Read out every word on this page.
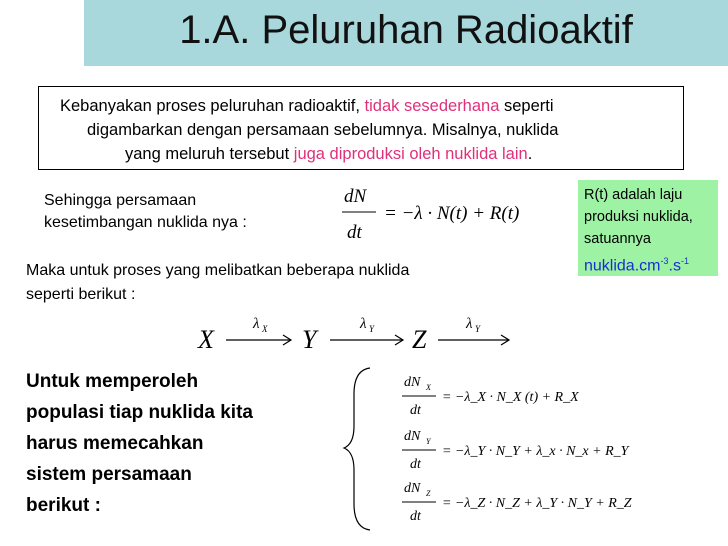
1.A. Peluruhan Radioaktif
Kebanyakan proses peluruhan radioaktif, tidak sesederhana seperti
digambarkan dengan persamaan sebelumnya. Misalnya, nuklida
yang meluruh tersebut juga diproduksi oleh nuklida lain.
Sehingga persamaan
kesetimbangan nuklida nya :
dN
dt
= −λ · N(t) + R(t)
R(t) adalah laju
produksi nuklida,
satuannya
$nuklida.cm^{-3}.s^{-1}$
Maka untuk proses yang melibatkan beberapa nuklida
seperti berikut :
X
λ X Y
λ Y Z
λ Y
Untuk memperoleh
populasi tiap nuklida kita
harus memecahkan
sistem persamaan
berikut :
dN X
dt
= −λ_X · N_X (t) + R_X
dN Y
dt
= −λ_Y · N_Y + λ_x · N_x + R_Y
dN Z
dt
= −λ_Z · N_Z + λ_Y · N_Y + R_Z
